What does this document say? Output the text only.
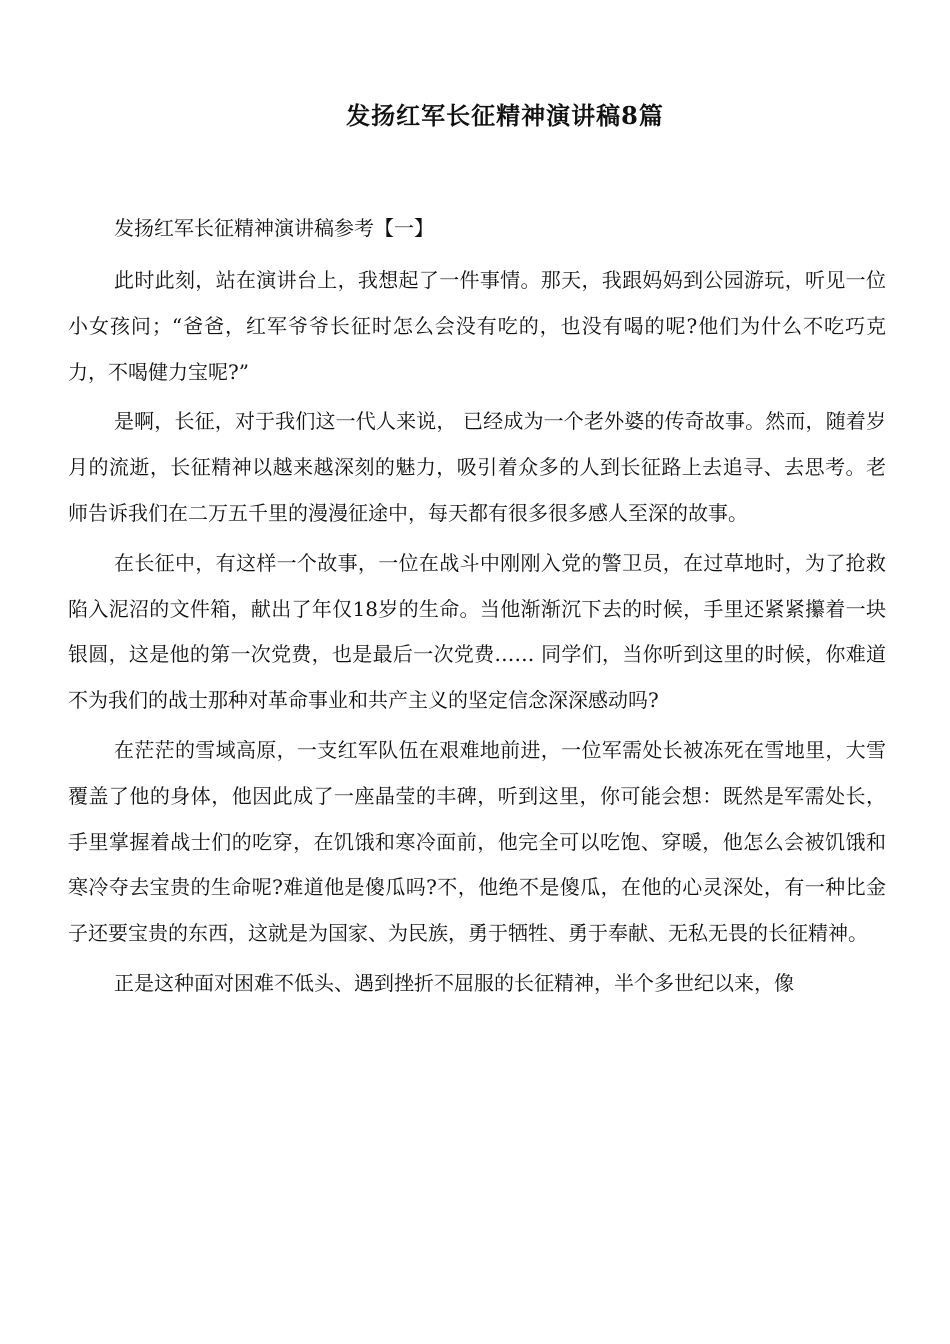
发扬红军长征精神演讲稿8篇

发扬红军长征精神演讲稿参考【一】

此时此刻，站在演讲台上，我想起了一件事情。那天，我跟妈妈到公园游玩，听见一位小女孩问；“爸爸，红军爷爷长征时怎么会没有吃的，也没有喝的呢?他们为什么不吃巧克力，不喝健力宝呢?”

是啊，长征，对于我们这一代人来说， 已经成为一个老外婆的传奇故事。然而，随着岁月的流逝，长征精神以越来越深刻的魅力，吸引着众多的人到长征路上去追寻、去思考。老师告诉我们在二万五千里的漫漫征途中，每天都有很多很多感人至深的故事。

在长征中，有这样一个故事，一位在战斗中刚刚入党的警卫员，在过草地时，为了抢救陷入泥沼的文件箱，献出了年仅18岁的生命。当他渐渐沉下去的时候，手里还紧紧攥着一块银圆，这是他的第一次党费，也是最后一次党费…… 同学们，当你听到这里的时候，你难道不为我们的战士那种对革命事业和共产主义的坚定信念深深感动吗?

在茫茫的雪域高原，一支红军队伍在艰难地前进，一位军需处长被冻死在雪地里，大雪覆盖了他的身体，他因此成了一座晶莹的丰碑，听到这里，你可能会想：既然是军需处长，手里掌握着战士们的吃穿，在饥饿和寒冷面前，他完全可以吃饱、穿暖，他怎么会被饥饿和寒冷夺去宝贵的生命呢?难道他是傻瓜吗?不，他绝不是傻瓜，在他的心灵深处，有一种比金子还要宝贵的东西，这就是为国家、为民族，勇于牺牲、勇于奉献、无私无畏的长征精神。

正是这种面对困难不低头、遇到挫折不屈服的长征精神，半个多世纪以来，像
